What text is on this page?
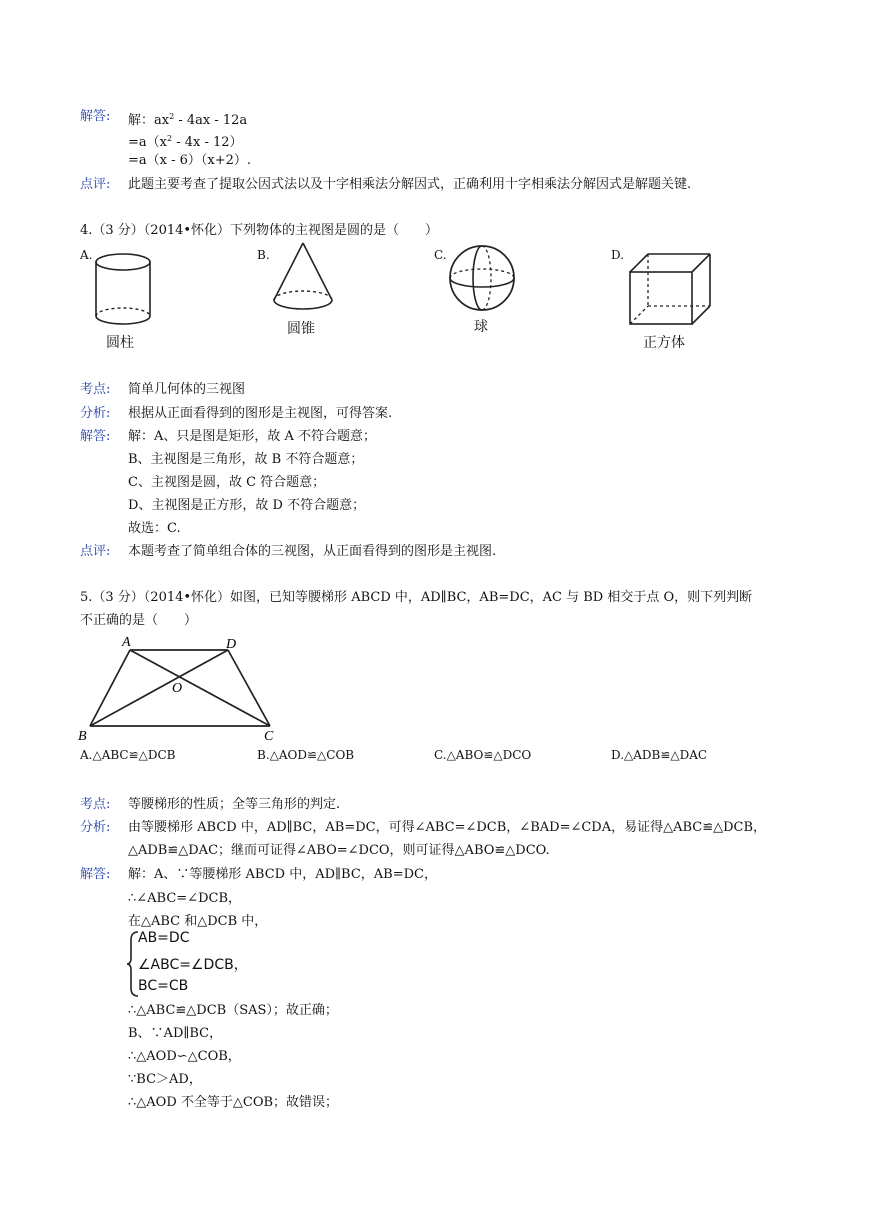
解答: 解：$ax^2 - 4ax - 12a$
$=a(x^2 - 4x - 12)$
=a（x - 6）（x+2）.
点评: 此题主要考查了提取公因式法以及十字相乘法分解因式，正确利用十字相乘法分解因式是解题关键.
4.（3 分）（2014•怀化）下列物体的主视图是圆的是（　　）
A.	B.	C.	D.
圆柱
圆锥	球
正方体
考点: 简单几何体的三视图
分析: 根据从正面看得到的图形是主视图，可得答案.
解答: 解：A、只是图是矩形，故 A 不符合题意；
B、主视图是三角形，故 B 不符合题意；
C、主视图是圆，故 C 符合题意；
D、主视图是正方形，故 D 不符合题意；
故选：C.
点评: 本题考查了简单组合体的三视图，从正面看得到的图形是主视图.
5.（3 分）（2014•怀化）如图，已知等腰梯形 ABCD 中，AD∥BC，AB=DC，AC 与 BD 相交于点 O，则下列判断
不正确的是（　　）
A	D
O
B	C
A.△ABC≌△DCB	B.△AOD≌△COB	C.△ABO≌△DCO	D.△ADB≌△DAC
考点: 等腰梯形的性质；全等三角形的判定.
分析: 由等腰梯形 ABCD 中，AD∥BC，AB=DC，可得∠ABC=∠DCB，∠BAD=∠CDA，易证得△ABC≌△DCB，
△ADB≌△DAC；继而可证得∠ABO=∠DCO，则可证得△ABO≌△DCO.
解答: 解：A、∵等腰梯形 ABCD 中，AD∥BC，AB=DC，
∴∠ABC=∠DCB，
在△ABC 和△DCB 中，
AB=DC
∠ABC=∠DCB，
BC=CB
∴△ABC≌△DCB（SAS）；故正确；
B、∵AD∥BC，
∴△AOD∽△COB，
∵BC＞AD，
∴△AOD 不全等于△COB；故错误；
